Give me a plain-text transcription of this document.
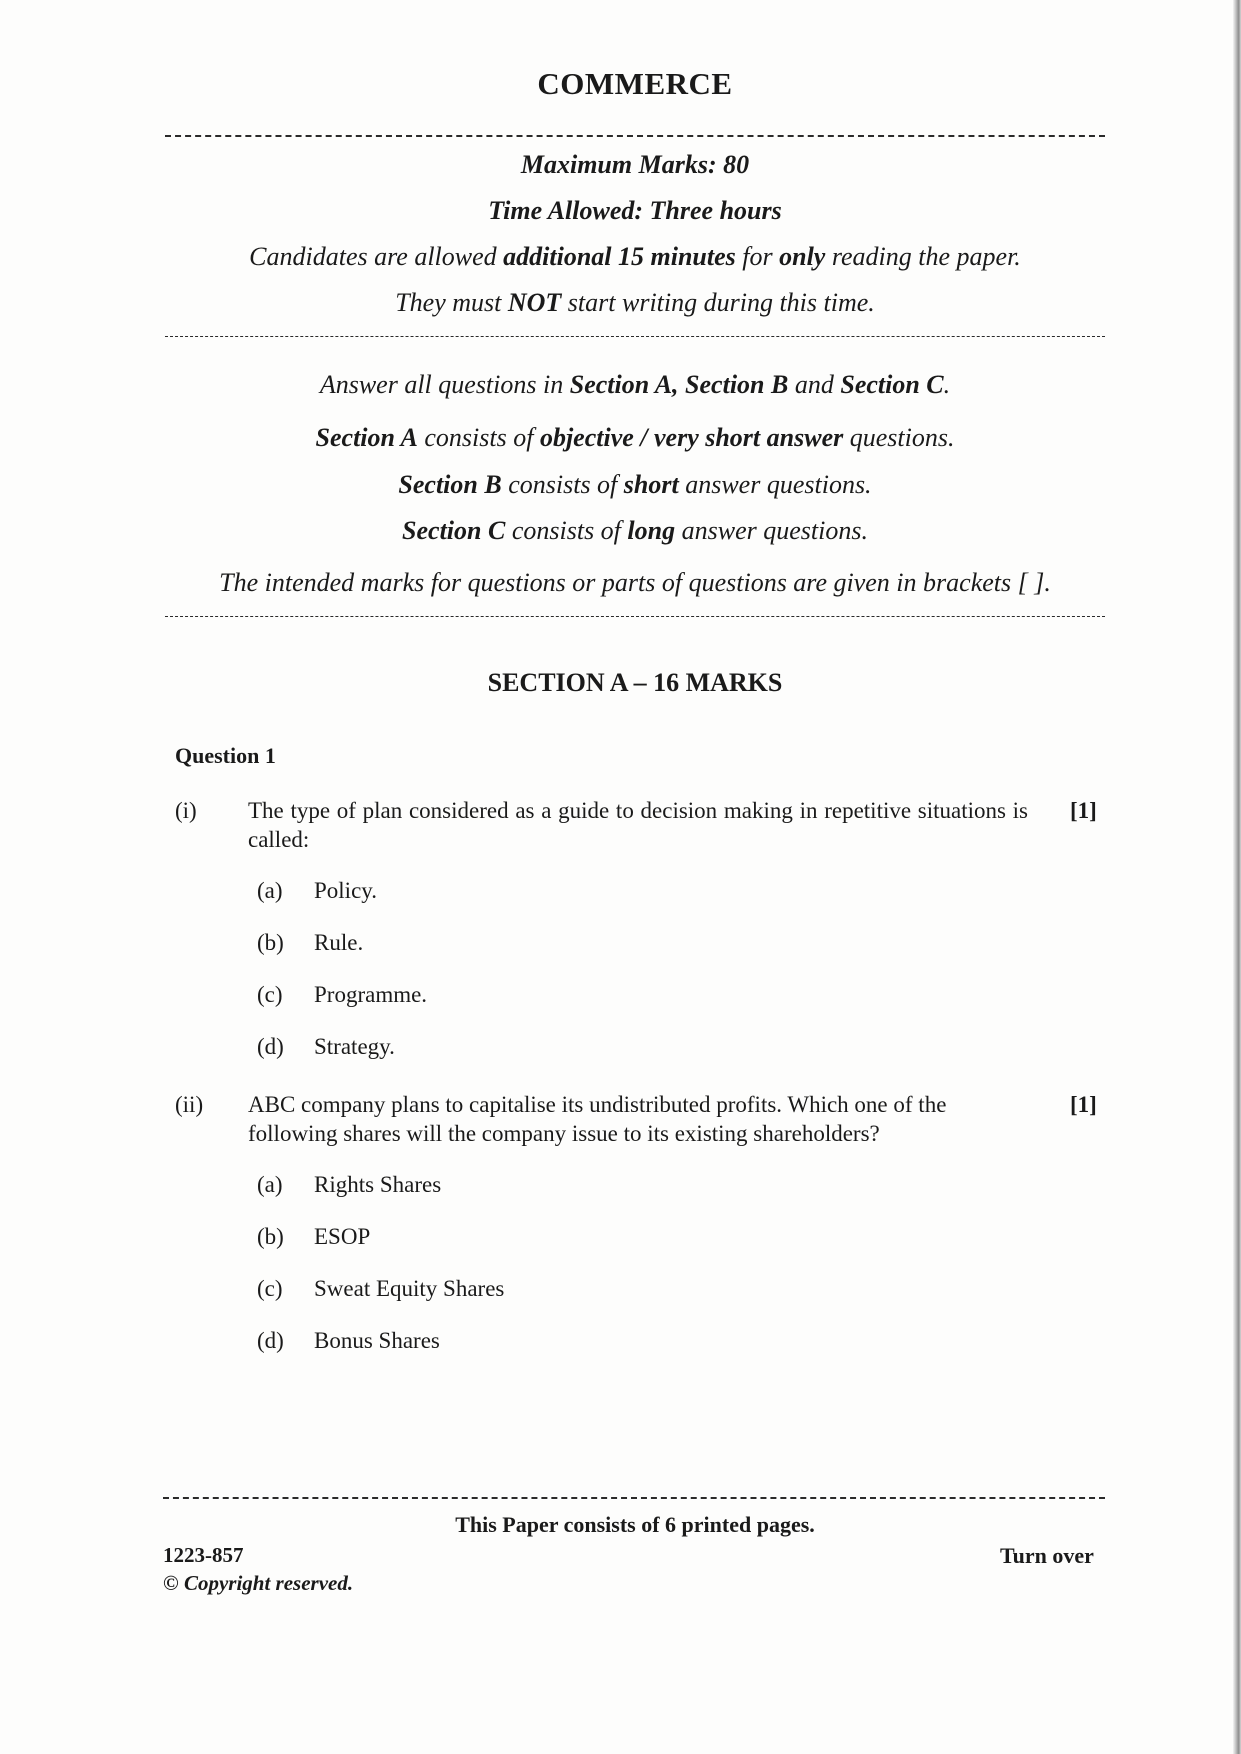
COMMERCE
Maximum Marks: 80
Time Allowed: Three hours
Candidates are allowed additional 15 minutes for only reading the paper.
They must NOT start writing during this time.
Answer all questions in Section A, Section B and Section C.
Section A consists of objective / very short answer questions.
Section B consists of short answer questions.
Section C consists of long answer questions.
The intended marks for questions or parts of questions are given in brackets [ ].
SECTION A – 16 MARKS
Question 1
(i) The type of plan considered as a guide to decision making in repetitive situations is called:
[1]
(a) Policy.
(b) Rule.
(c) Programme.
(d) Strategy.
(ii) ABC company plans to capitalise its undistributed profits. Which one of the following shares will the company issue to its existing shareholders?
[1]
(a) Rights Shares
(b) ESOP
(c) Sweat Equity Shares
(d) Bonus Shares
This Paper consists of 6 printed pages.
1223-857
© Copyright reserved.
Turn over
